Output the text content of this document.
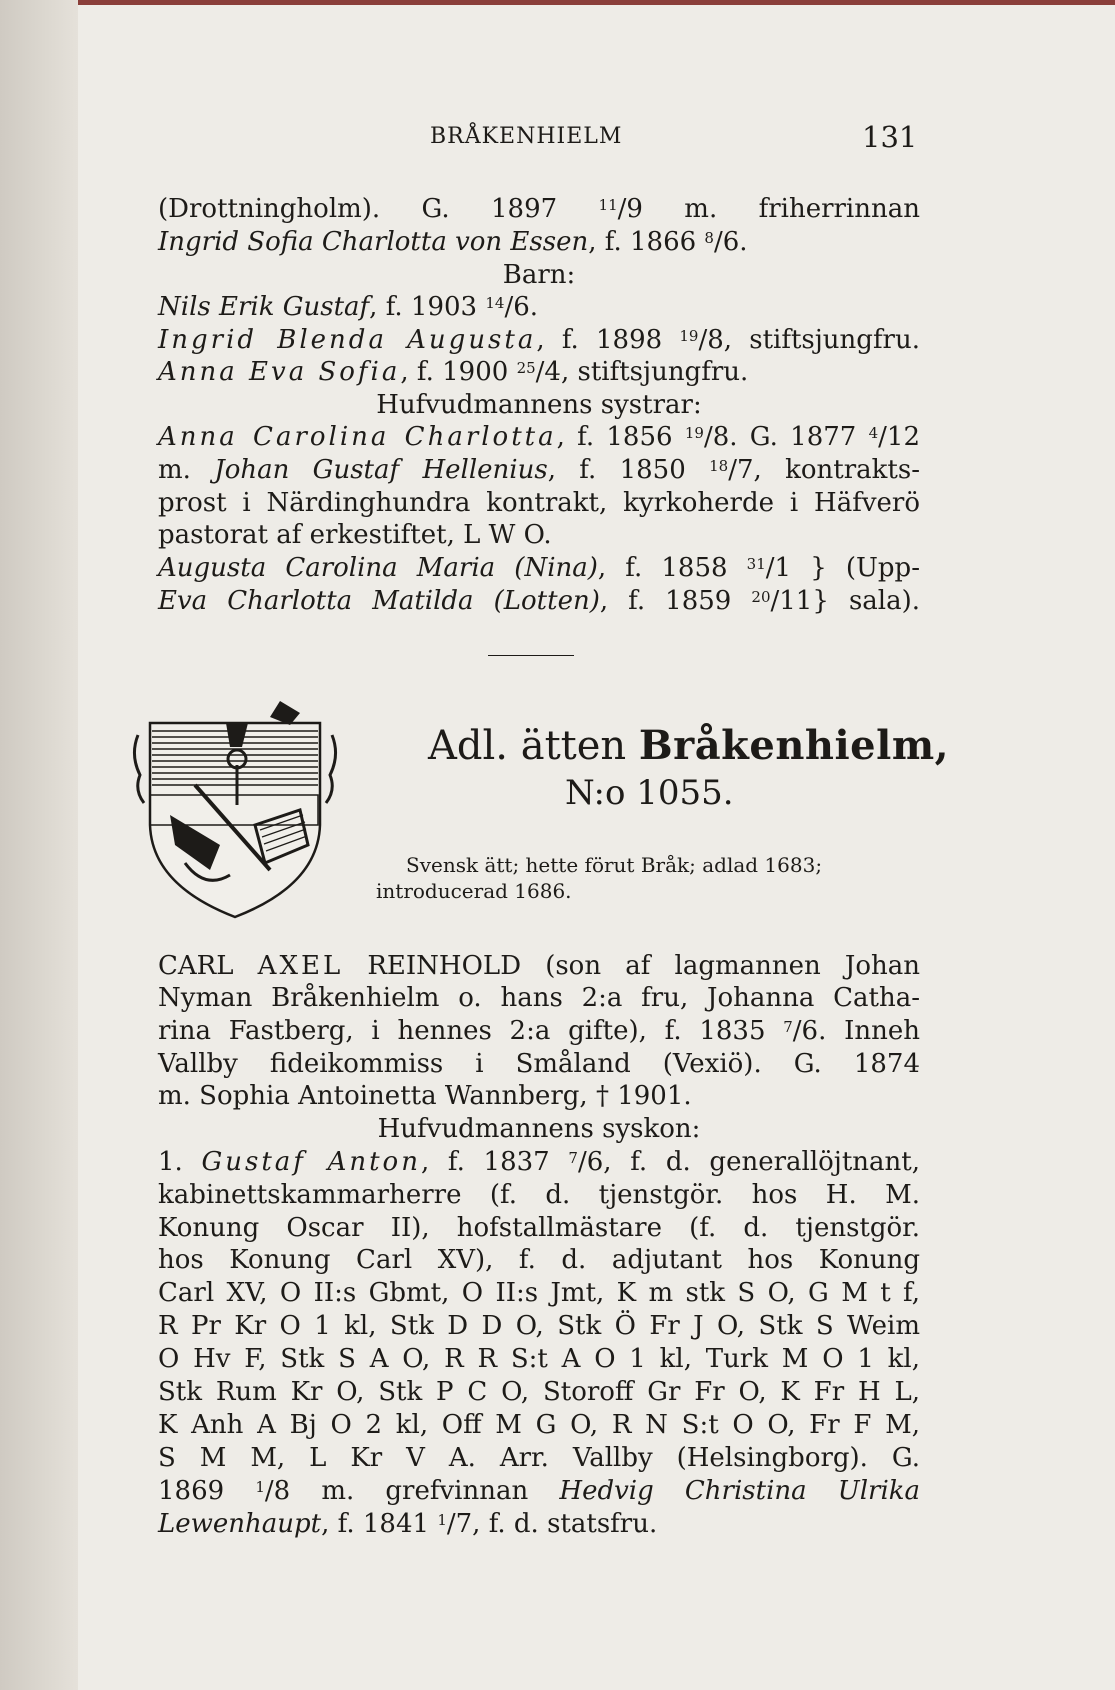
BRÅKENHIELM	131
(Drottningholm). G. 1897 $^{11}$/9 m. friherrinnan
Ingrid Sofia Charlotta von Essen, f. 1866 $^8$/6.
Barn:
Nils Erik Gustaf, f. 1903 $^{14}$/6.
Ingrid Blenda Augusta, f. 1898 $^{19}$/8, stiftsjungfru.
Anna Eva Sofia, f. 1900 $^{25}$/4, stiftsjungfru.
Hufvudmannens systrar:
Anna Carolina Charlotta, f. 1856 $^{19}$/8. G. 1877 $^4$/12
m. Johan Gustaf Hellenius, f. 1850 $^{18}$/7, kontrakts-
prost i Närdinghundra kontrakt, kyrkoherde i Häfverö
pastorat af erkestiftet, L W O.
Augusta Carolina Maria (Nina), f. 1858 $^{31}$/1 } (Upp-
Eva Charlotta Matilda (Lotten), f. 1859 $^{20}$/11} sala).
Adl. ätten Bråkenhielm,
N:o 1055.
Svensk ätt; hette förut Bråk; adlad 1683;
introducerad 1686.
CARL AXEL REINHOLD (son af lagmannen Johan
Nyman Bråkenhielm o. hans 2:a fru, Johanna Catha-
rina Fastberg, i hennes 2:a gifte), f. 1835 $^7$/6. Inneh
Vallby fideikommiss i Småland (Vexiö). G. 1874
m. Sophia Antoinetta Wannberg, † 1901.
Hufvudmannens syskon:
1. Gustaf Anton, f. 1837 $^7$/6, f. d. generallöjtnant,
kabinettskammarherre (f. d. tjenstgör. hos H. M.
Konung Oscar II), hofstallmästare (f. d. tjenstgör.
hos Konung Carl XV), f. d. adjutant hos Konung
Carl XV, O II:s Gbmt, O II:s Jmt, K m stk S O, G M t f,
R Pr Kr O 1 kl, Stk D D O, Stk Ö Fr J O, Stk S Weim
O Hv F, Stk S A O, R R S:t A O 1 kl, Turk M O 1 kl,
Stk Rum Kr O, Stk P C O, Storoff Gr Fr O, K Fr H L,
K Anh A Bj O 2 kl, Off M G O, R N S:t O O, Fr F M,
S M M, L Kr V A. Arr. Vallby (Helsingborg). G.
1869 $^1$/8 m. grefvinnan Hedvig Christina Ulrika
Lewenhaupt, f. 1841 $^1$/7, f. d. statsfru.
